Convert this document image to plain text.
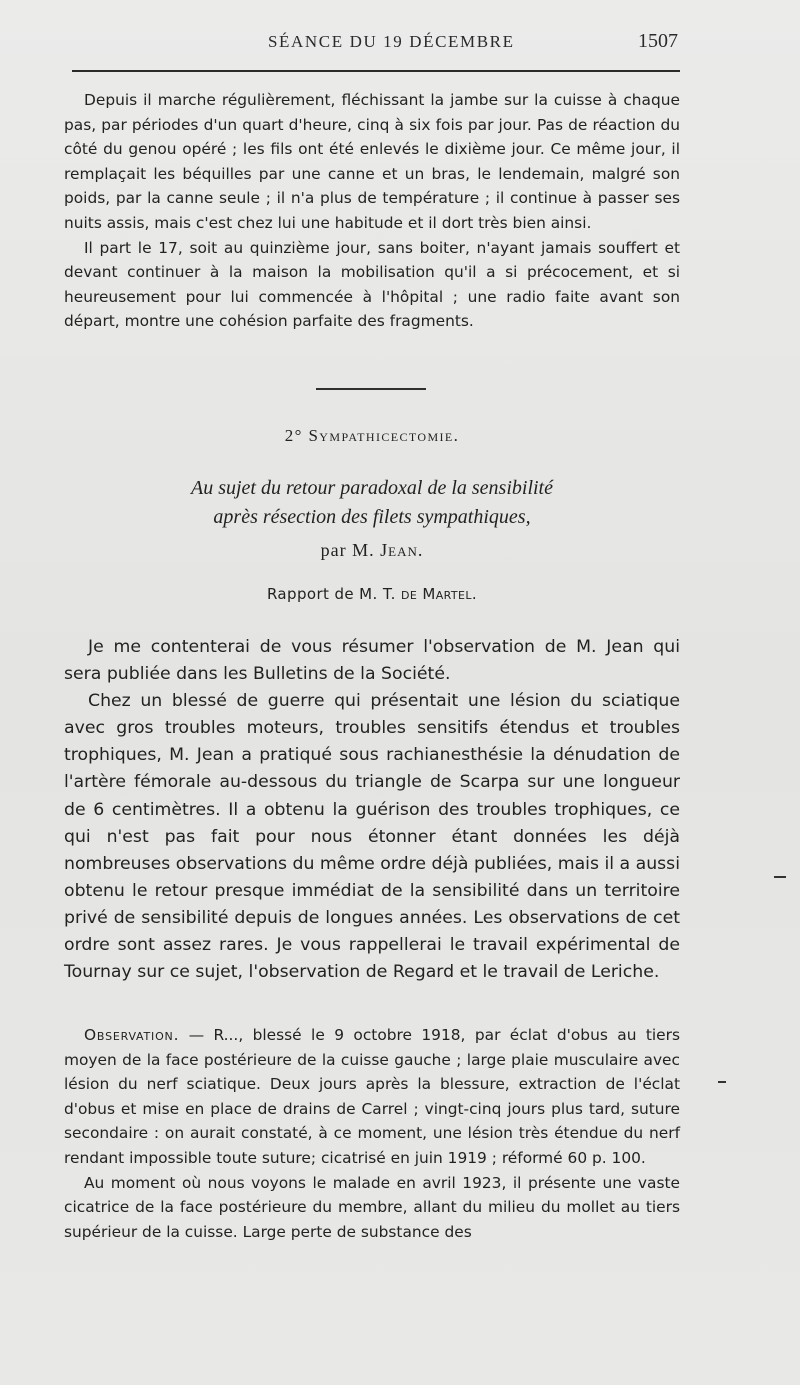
SÉANCE DU 19 DÉCEMBRE	1507

Depuis il marche régulièrement, fléchissant la jambe sur la cuisse à chaque pas, par périodes d'un quart d'heure, cinq à six fois par jour. Pas de réaction du côté du genou opéré ; les fils ont été enlevés le dixième jour. Ce même jour, il remplaçait les béquilles par une canne et un bras, le lendemain, malgré son poids, par la canne seule ; il n'a plus de température ; il continue à passer ses nuits assis, mais c'est chez lui une habitude et il dort très bien ainsi.

Il part le 17, soit au quinzième jour, sans boiter, n'ayant jamais souffert et devant continuer à la maison la mobilisation qu'il a si précocement, et si heureusement pour lui commencée à l'hôpital ; une radio faite avant son départ, montre une cohésion parfaite des fragments.

2° Sympathicectomie.
Au sujet du retour paradoxal de la sensibilité
après résection des filets sympathiques,
par M. Jean.
Rapport de M. T. de Martel.

Je me contenterai de vous résumer l'observation de M. Jean qui sera publiée dans les Bulletins de la Société.

Chez un blessé de guerre qui présentait une lésion du sciatique avec gros troubles moteurs, troubles sensitifs étendus et troubles trophiques, M. Jean a pratiqué sous rachianesthésie la dénudation de l'artère fémorale au-dessous du triangle de Scarpa sur une longueur de 6 centimètres. Il a obtenu la guérison des troubles trophiques, ce qui n'est pas fait pour nous étonner étant données les déjà nombreuses observations du même ordre déjà publiées, mais il a aussi obtenu le retour presque immédiat de la sensibilité dans un territoire privé de sensibilité depuis de longues années. Les observations de cet ordre sont assez rares. Je vous rappellerai le travail expérimental de Tournay sur ce sujet, l'observation de Regard et le travail de Leriche.

Observation. — R..., blessé le 9 octobre 1918, par éclat d'obus au tiers moyen de la face postérieure de la cuisse gauche ; large plaie musculaire avec lésion du nerf sciatique. Deux jours après la blessure, extraction de l'éclat d'obus et mise en place de drains de Carrel ; vingt-cinq jours plus tard, suture secondaire : on aurait constaté, à ce moment, une lésion très étendue du nerf rendant impossible toute suture; cicatrisé en juin 1919 ; réformé 60 p. 100.

Au moment où nous voyons le malade en avril 1923, il présente une vaste cicatrice de la face postérieure du membre, allant du milieu du mollet au tiers supérieur de la cuisse. Large perte de substance des
